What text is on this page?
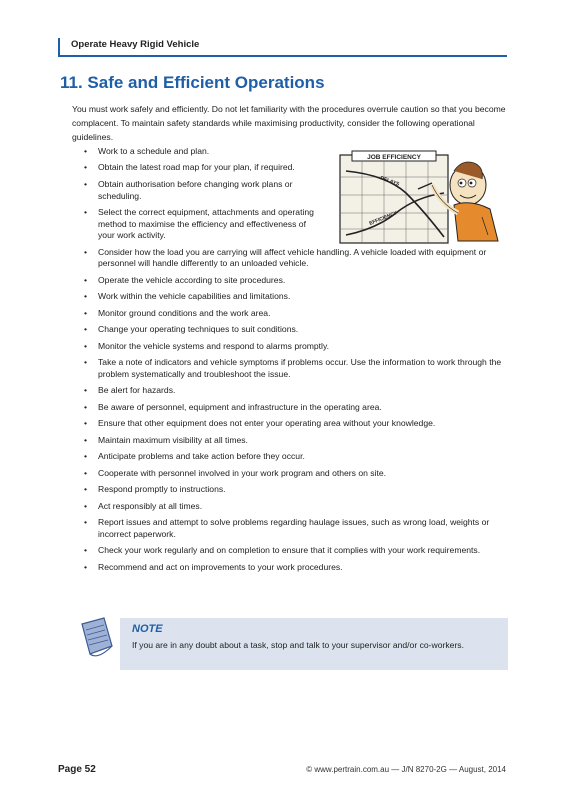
Operate Heavy Rigid Vehicle
11. Safe and Efficient Operations

You must work safely and efficiently. Do not let familiarity with the procedures overrule caution so that you become complacent. To maintain safety standards while maximising productivity, consider the following operational guidelines.

• Work to a schedule and plan.
• Obtain the latest road map for your plan, if required.
• Obtain authorisation before changing work plans or scheduling.
• Select the correct equipment, attachments and operating method to maximise the efficiency and effectiveness of your work activity.
• Consider how the load you are carrying will affect vehicle handling. A vehicle loaded with equipment or personnel will handle differently to an unloaded vehicle.
• Operate the vehicle according to site procedures.
• Work within the vehicle capabilities and limitations.
• Monitor ground conditions and the work area.
• Change your operating techniques to suit conditions.
• Monitor the vehicle systems and respond to alarms promptly.
• Take a note of indicators and vehicle symptoms if problems occur. Use the information to work through the problem systematically and troubleshoot the issue.
• Be alert for hazards.
• Be aware of personnel, equipment and infrastructure in the operating area.
• Ensure that other equipment does not enter your operating area without your knowledge.
• Maintain maximum visibility at all times.
• Anticipate problems and take action before they occur.
• Cooperate with personnel involved in your work program and others on site.
• Respond promptly to instructions.
• Act responsibly at all times.
• Report issues and attempt to solve problems regarding haulage issues, such as wrong load, weights or incorrect paperwork.
• Check your work regularly and on completion to ensure that it complies with your work requirements.
• Recommend and act on improvements to your work procedures.
JOB EFFICIENCY
DELAYS
EFFICIENCY
NOTE
If you are in any doubt about a task, stop and talk to your supervisor and/or co-workers.
Page 52	© www.pertrain.com.au — J/N 8270-2G — August, 2014
